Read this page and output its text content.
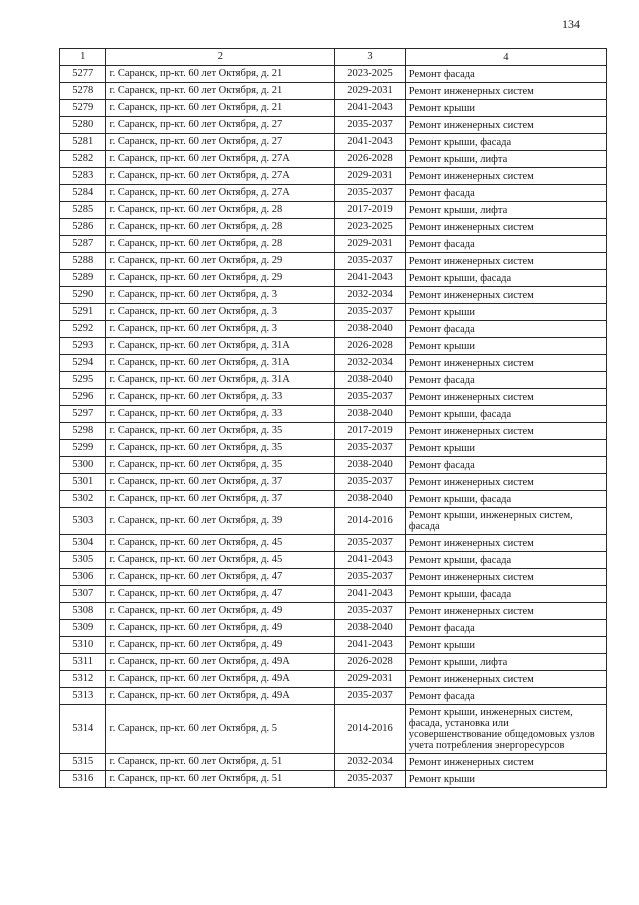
134
1	2	3	4
5277	г. Саранск, пр-кт. 60 лет Октября, д. 21	2023-2025	Ремонт фасада
5278	г. Саранск, пр-кт. 60 лет Октября, д. 21	2029-2031	Ремонт инженерных систем
5279	г. Саранск, пр-кт. 60 лет Октября, д. 21	2041-2043	Ремонт крыши
5280	г. Саранск, пр-кт. 60 лет Октября, д. 27	2035-2037	Ремонт инженерных систем
5281	г. Саранск, пр-кт. 60 лет Октября, д. 27	2041-2043	Ремонт крыши, фасада
5282	г. Саранск, пр-кт. 60 лет Октября, д. 27А	2026-2028	Ремонт крыши, лифта
5283	г. Саранск, пр-кт. 60 лет Октября, д. 27А	2029-2031	Ремонт инженерных систем
5284	г. Саранск, пр-кт. 60 лет Октября, д. 27А	2035-2037	Ремонт фасада
5285	г. Саранск, пр-кт. 60 лет Октября, д. 28	2017-2019	Ремонт крыши, лифта
5286	г. Саранск, пр-кт. 60 лет Октября, д. 28	2023-2025	Ремонт инженерных систем
5287	г. Саранск, пр-кт. 60 лет Октября, д. 28	2029-2031	Ремонт фасада
5288	г. Саранск, пр-кт. 60 лет Октября, д. 29	2035-2037	Ремонт инженерных систем
5289	г. Саранск, пр-кт. 60 лет Октября, д. 29	2041-2043	Ремонт крыши, фасада
5290	г. Саранск, пр-кт. 60 лет Октября, д. 3	2032-2034	Ремонт инженерных систем
5291	г. Саранск, пр-кт. 60 лет Октября, д. 3	2035-2037	Ремонт крыши
5292	г. Саранск, пр-кт. 60 лет Октября, д. 3	2038-2040	Ремонт фасада
5293	г. Саранск, пр-кт. 60 лет Октября, д. 31А	2026-2028	Ремонт крыши
5294	г. Саранск, пр-кт. 60 лет Октября, д. 31А	2032-2034	Ремонт инженерных систем
5295	г. Саранск, пр-кт. 60 лет Октября, д. 31А	2038-2040	Ремонт фасада
5296	г. Саранск, пр-кт. 60 лет Октября, д. 33	2035-2037	Ремонт инженерных систем
5297	г. Саранск, пр-кт. 60 лет Октября, д. 33	2038-2040	Ремонт крыши, фасада
5298	г. Саранск, пр-кт. 60 лет Октября, д. 35	2017-2019	Ремонт инженерных систем
5299	г. Саранск, пр-кт. 60 лет Октября, д. 35	2035-2037	Ремонт крыши
5300	г. Саранск, пр-кт. 60 лет Октября, д. 35	2038-2040	Ремонт фасада
5301	г. Саранск, пр-кт. 60 лет Октября, д. 37	2035-2037	Ремонт инженерных систем
5302	г. Саранск, пр-кт. 60 лет Октября, д. 37	2038-2040	Ремонт крыши, фасада
5303	г. Саранск, пр-кт. 60 лет Октября, д. 39	2014-2016	Ремонт крыши, инженерных систем, фасада
5304	г. Саранск, пр-кт. 60 лет Октября, д. 45	2035-2037	Ремонт инженерных систем
5305	г. Саранск, пр-кт. 60 лет Октября, д. 45	2041-2043	Ремонт крыши, фасада
5306	г. Саранск, пр-кт. 60 лет Октября, д. 47	2035-2037	Ремонт инженерных систем
5307	г. Саранск, пр-кт. 60 лет Октября, д. 47	2041-2043	Ремонт крыши, фасада
5308	г. Саранск, пр-кт. 60 лет Октября, д. 49	2035-2037	Ремонт инженерных систем
5309	г. Саранск, пр-кт. 60 лет Октября, д. 49	2038-2040	Ремонт фасада
5310	г. Саранск, пр-кт. 60 лет Октября, д. 49	2041-2043	Ремонт крыши
5311	г. Саранск, пр-кт. 60 лет Октября, д. 49А	2026-2028	Ремонт крыши, лифта
5312	г. Саранск, пр-кт. 60 лет Октября, д. 49А	2029-2031	Ремонт инженерных систем
5313	г. Саранск, пр-кт. 60 лет Октября, д. 49А	2035-2037	Ремонт фасада
5314	г. Саранск, пр-кт. 60 лет Октября, д. 5	2014-2016	Ремонт крыши, инженерных систем, фасада, установка или усовершенствование общедомовых узлов учета потребления энергоресурсов
5315	г. Саранск, пр-кт. 60 лет Октября, д. 51	2032-2034	Ремонт инженерных систем
5316	г. Саранск, пр-кт. 60 лет Октября, д. 51	2035-2037	Ремонт крыши
